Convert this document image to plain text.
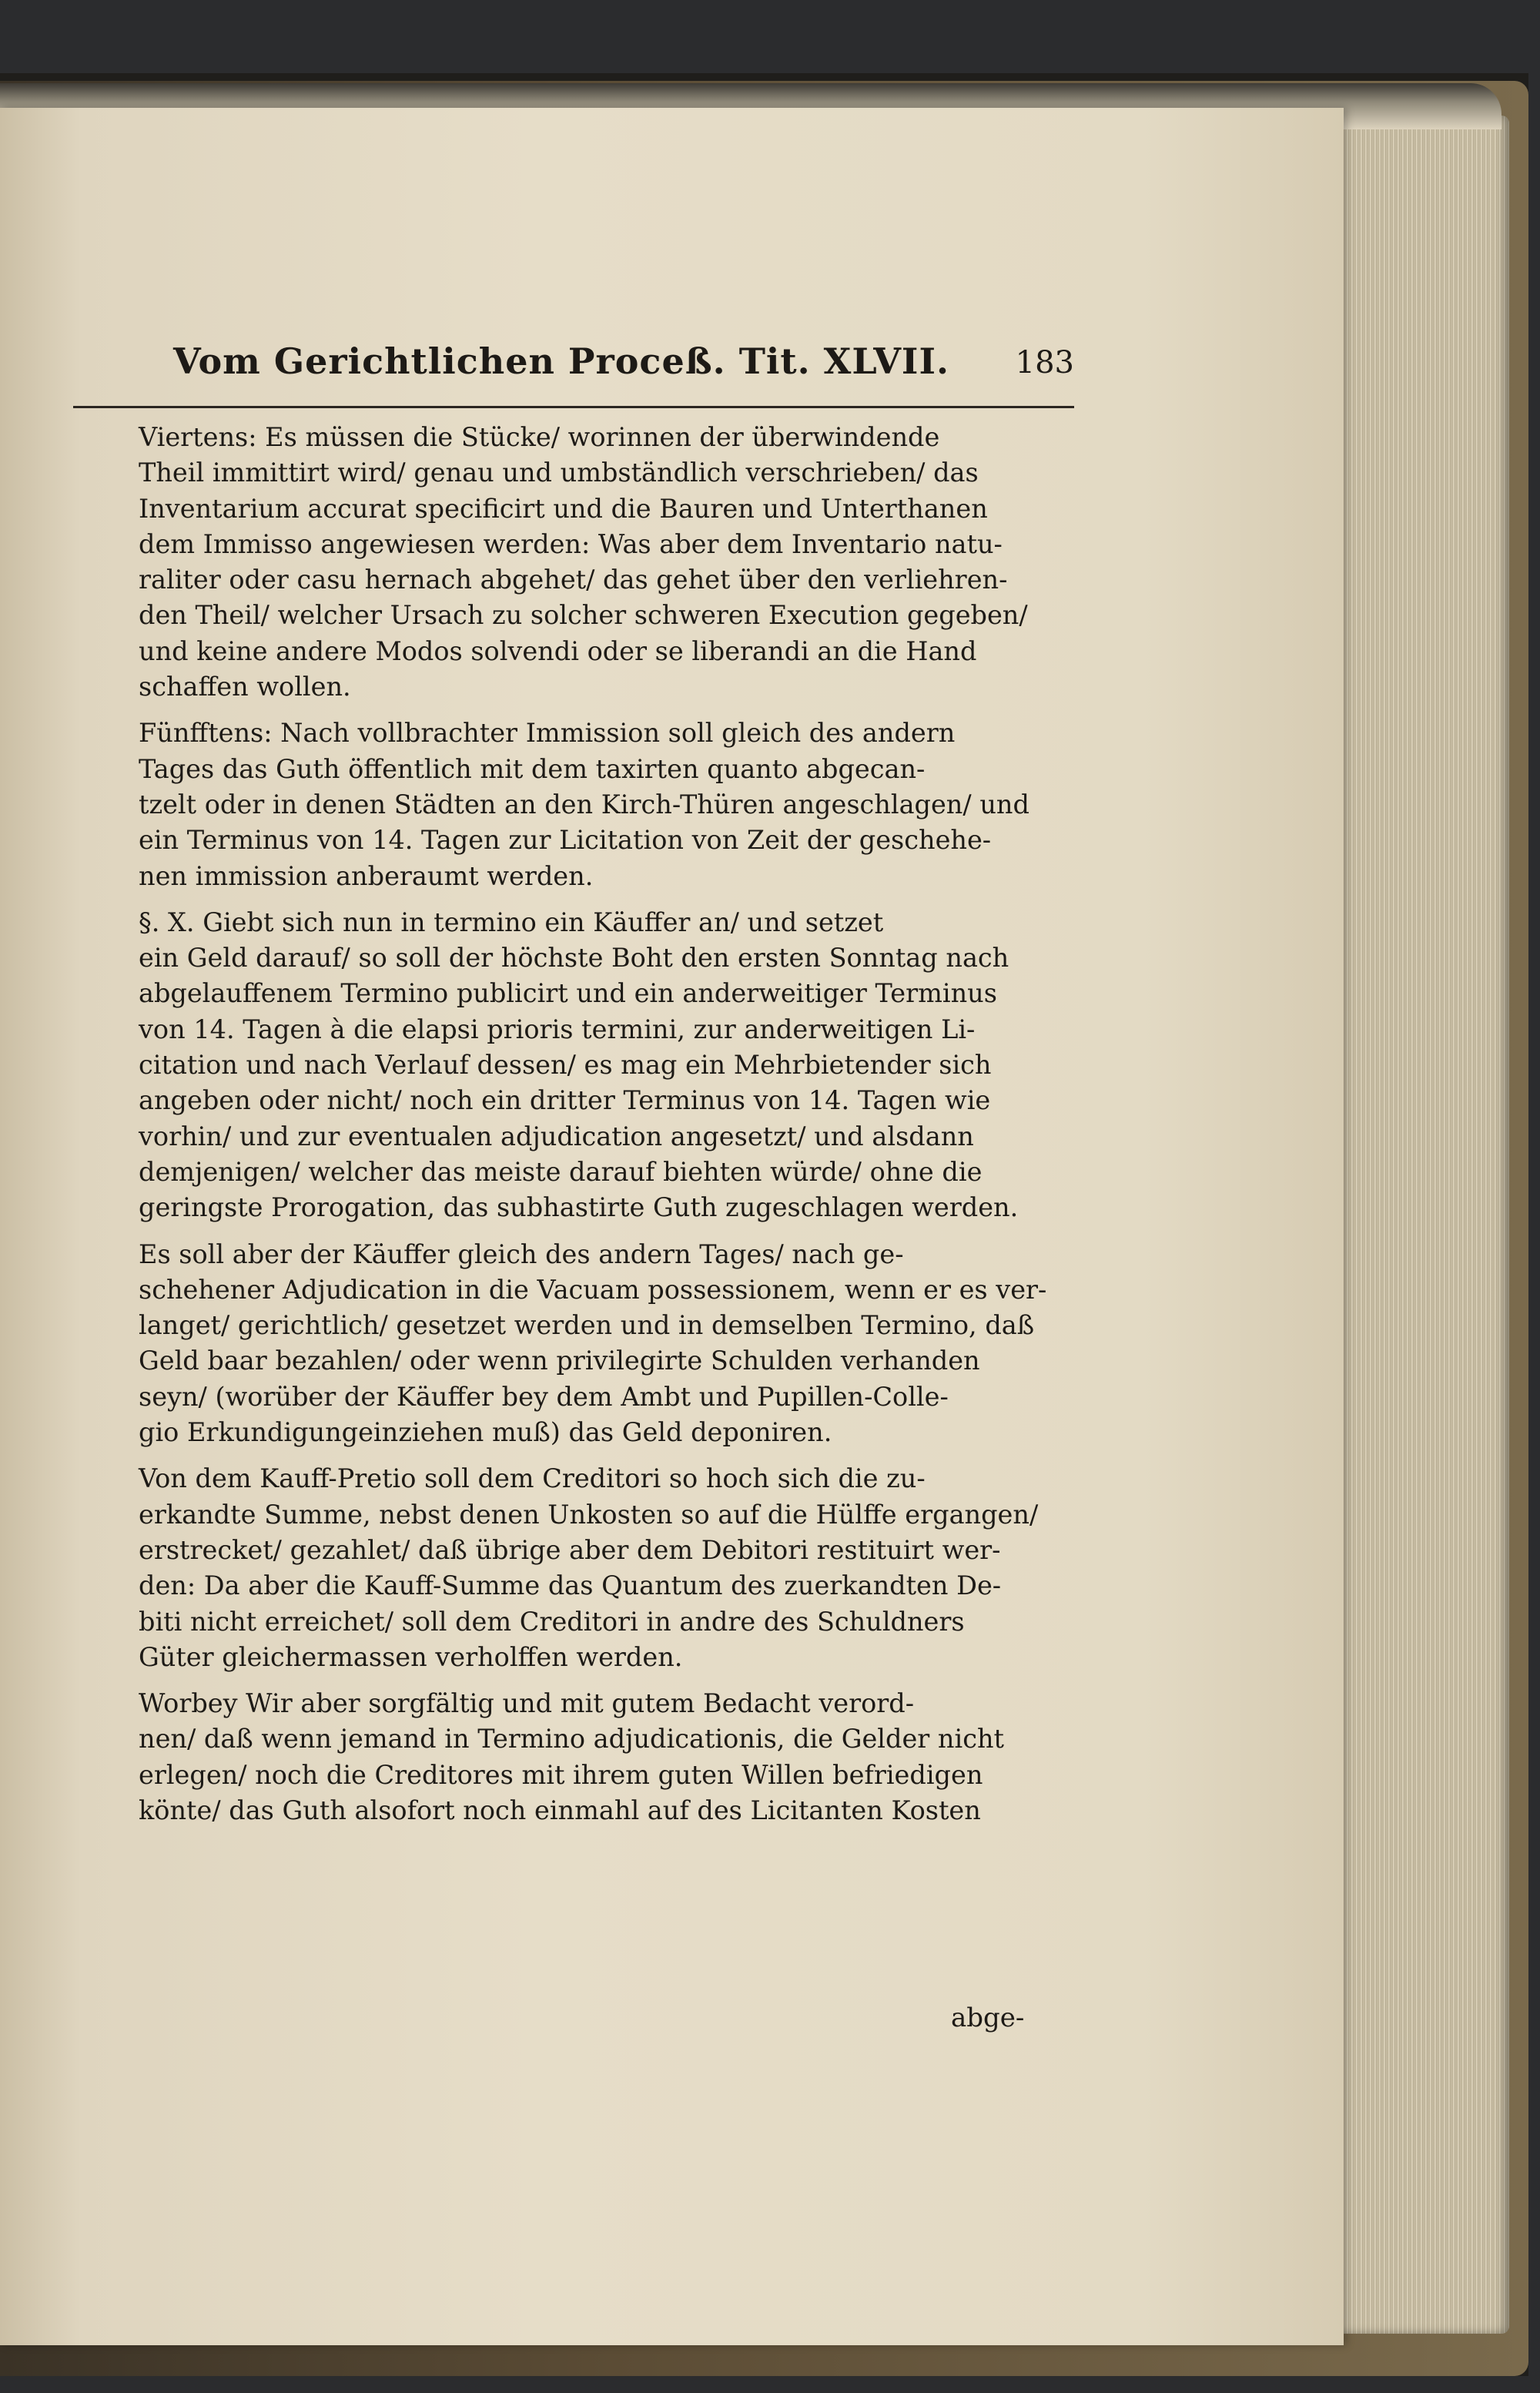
Vom Gerichtlichen Proceß. Tit. XLVII. 183
Viertens: Es müssen die Stücke/ worinnen der überwindende
Theil immittirt wird/ genau und umbständlich verschrieben/ das
Inventarium accurat specificirt und die Bauren und Unterthanen
dem Immisso angewiesen werden: Was aber dem Inventario natu-
raliter oder casu hernach abgehet/ das gehet über den verliehren-
den Theil/ welcher Ursach zu solcher schweren Execution gegeben/
und keine andere Modos solvendi oder se liberandi an die Hand
schaffen wollen.
Fünfftens: Nach vollbrachter Immission soll gleich des andern
Tages das Guth öffentlich mit dem taxirten quanto abgecan-
tzelt oder in denen Städten an den Kirch-Thüren angeschlagen/ und
ein Terminus von 14. Tagen zur Licitation von Zeit der geschehe-
nen immission anberaumt werden.
§. X. Giebt sich nun in termino ein Käuffer an/ und setzet
ein Geld darauf/ so soll der höchste Boht den ersten Sonntag nach
abgelauffenem Termino publicirt und ein anderweitiger Terminus
von 14. Tagen à die elapsi prioris termini, zur anderweitigen Li-
citation und nach Verlauf dessen/ es mag ein Mehrbietender sich
angeben oder nicht/ noch ein dritter Terminus von 14. Tagen wie
vorhin/ und zur eventualen adjudication angesetzt/ und alsdann
demjenigen/ welcher das meiste darauf biehten würde/ ohne die
geringste Prorogation, das subhastirte Guth zugeschlagen werden.
Es soll aber der Käuffer gleich des andern Tages/ nach ge-
schehener Adjudication in die Vacuam possessionem, wenn er es ver-
langet/ gerichtlich/ gesetzet werden und in demselben Termino, daß
Geld baar bezahlen/ oder wenn privilegirte Schulden verhanden
seyn/ (worüber der Käuffer bey dem Ambt und Pupillen-Colle-
gio Erkundigungeinziehen muß) das Geld deponiren.
Von dem Kauff-Pretio soll dem Creditori so hoch sich die zu-
erkandte Summe, nebst denen Unkosten so auf die Hülffe ergangen/
erstrecket/ gezahlet/ daß übrige aber dem Debitori restituirt wer-
den: Da aber die Kauff-Summe das Quantum des zuerkandten De-
biti nicht erreichet/ soll dem Creditori in andre des Schuldners
Güter gleichermassen verholffen werden.
Worbey Wir aber sorgfältig und mit gutem Bedacht verord-
nen/ daß wenn jemand in Termino adjudicationis, die Gelder nicht
erlegen/ noch die Creditores mit ihrem guten Willen befriedigen
könte/ das Guth alsofort noch einmahl auf des Licitanten Kosten
abge-
